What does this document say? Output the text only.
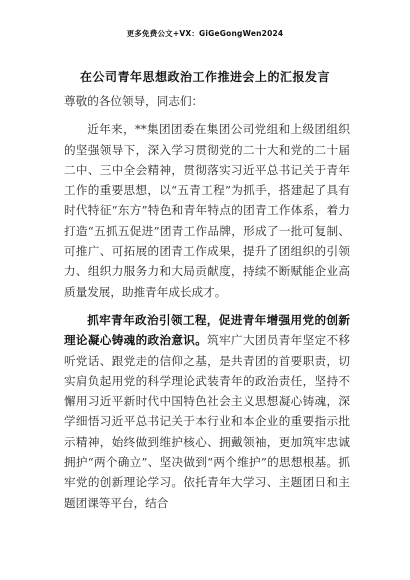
更多免费公文+VX：GiGeGongWen2024
在公司青年思想政治工作推进会上的汇报发言

尊敬的各位领导，同志们：

近年来，**集团团委在集团公司党组和上级团组织的坚强领导下，深入学习贯彻党的二十大和党的二十届二中、三中全会精神，贯彻落实习近平总书记关于青年工作的重要思想，以“五青工程”为抓手，搭建起了具有时代特征“东方”特色和青年特点的团青工作体系，着力打造“五抓五促进”团青工作品牌，形成了一批可复制、可推广、可拓展的团青工作成果，提升了团组织的引领力、组织力服务力和大局贡献度，持续不断赋能企业高质量发展，助推青年成长成才。

抓牢青年政治引领工程，促进青年增强用党的创新理论凝心铸魂的政治意识。筑牢广大团员青年坚定不移听党话、跟党走的信仰之基，是共青团的首要职责，切实肩负起用党的科学理论武装青年的政治责任，坚持不懈用习近平新时代中国特色社会主义思想凝心铸魂，深学细悟习近平总书记关于本行业和本企业的重要指示批示精神，始终做到维护核心、拥戴领袖，更加筑牢忠诚拥护“两个确立”、坚决做到“两个维护”的思想根基。抓牢党的创新理论学习。依托青年大学习、主题团日和主题团课等平台，结合
